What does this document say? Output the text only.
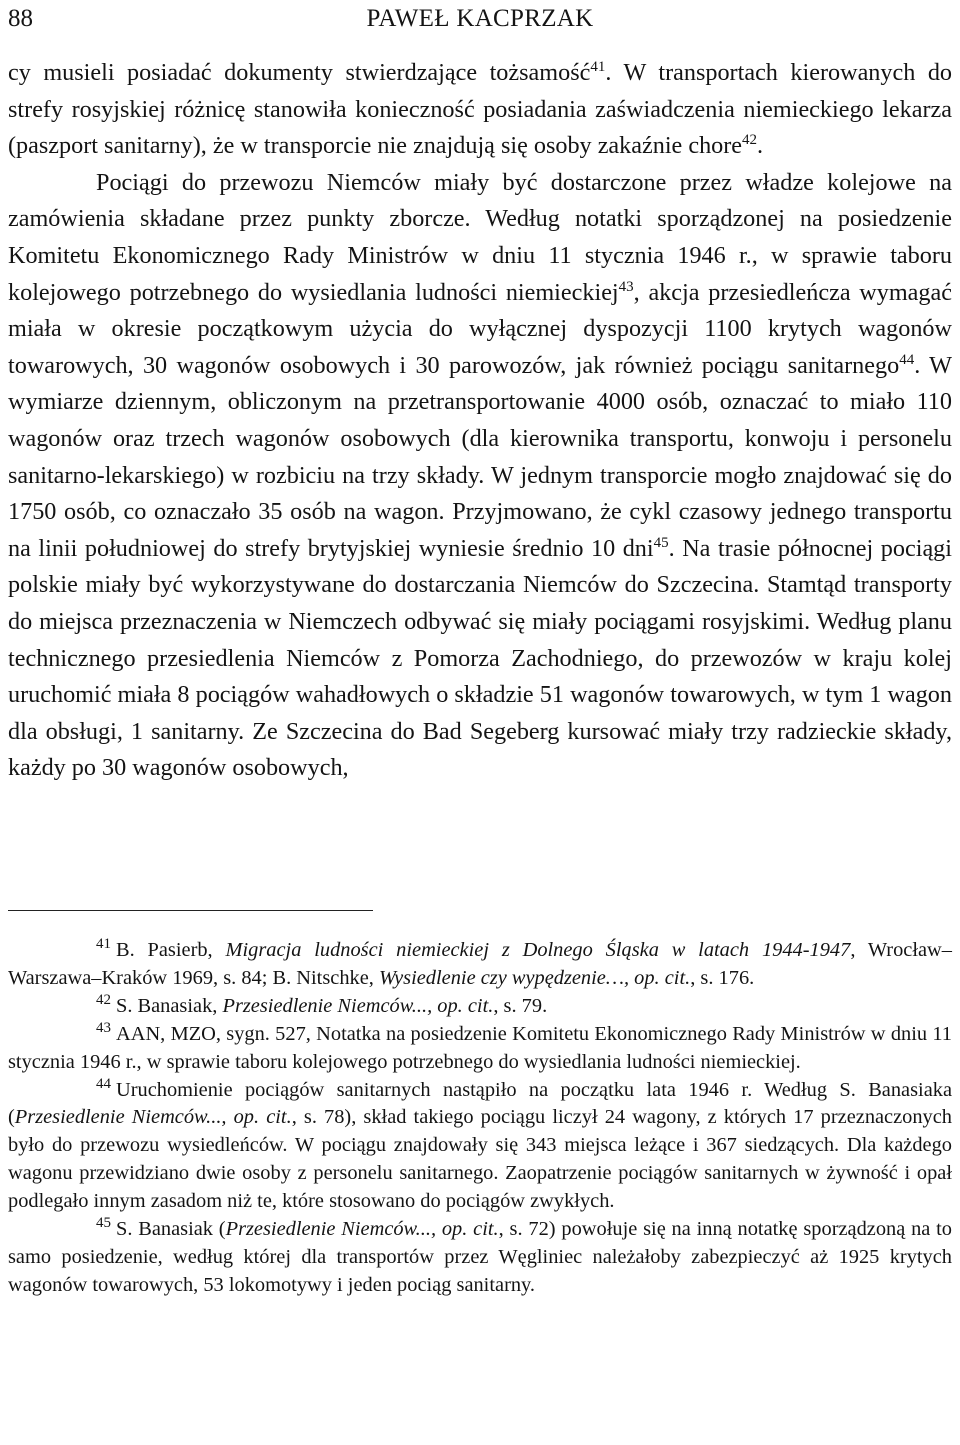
88	PAWEŁ KACPRZAK

cy musieli posiadać dokumenty stwierdzające tożsamość$^{41}$. W transportach kierowanych do strefy rosyjskiej różnicę stanowiła konieczność posiadania zaświadczenia niemieckiego lekarza (paszport sanitarny), że w transporcie nie znajdują się osoby zakaźnie chore$^{42}$.

Pociągi do przewozu Niemców miały być dostarczone przez władze kolejowe na zamówienia składane przez punkty zborcze. Według notatki sporządzonej na posiedzenie Komitetu Ekonomicznego Rady Ministrów w dniu 11 stycznia 1946 r., w sprawie taboru kolejowego potrzebnego do wysiedlania ludności niemieckiej$^{43}$, akcja przesiedleńcza wymagać miała w okresie początkowym użycia do wyłącznej dyspozycji 1100 krytych wagonów towarowych, 30 wagonów osobowych i 30 parowozów, jak również pociągu sanitarnego$^{44}$. W wymiarze dziennym, obliczonym na przetransportowanie 4000 osób, oznaczać to miało 110 wagonów oraz trzech wagonów osobowych (dla kierownika transportu, konwoju i personelu sanitarno-lekarskiego) w rozbiciu na trzy składy. W jednym transporcie mogło znajdować się do 1750 osób, co oznaczało 35 osób na wagon. Przyjmowano, że cykl czasowy jednego transportu na linii południowej do strefy brytyjskiej wyniesie średnio 10 dni$^{45}$. Na trasie północnej pociągi polskie miały być wykorzystywane do dostarczania Niemców do Szczecina. Stamtąd transporty do miejsca przeznaczenia w Niemczech odbywać się miały pociągami rosyjskimi. Według planu technicznego przesiedlenia Niemców z Pomorza Zachodniego, do przewozów w kraju kolej uruchomić miała 8 pociągów wahadłowych o składzie 51 wagonów towarowych, w tym 1 wagon dla obsługi, 1 sanitarny. Ze Szczecina do Bad Segeberg kursować miały trzy radzieckie składy, każdy po 30 wagonów osobowych,

$^{41}$ B. Pasierb, Migracja ludności niemieckiej z Dolnego Śląska w latach 1944-1947, Wrocław–Warszawa–Kraków 1969, s. 84; B. Nitschke, Wysiedlenie czy wypędzenie…, op. cit., s. 176.

$^{42}$ S. Banasiak, Przesiedlenie Niemców..., op. cit., s. 79.

$^{43}$ AAN, MZO, sygn. 527, Notatka na posiedzenie Komitetu Ekonomicznego Rady Ministrów w dniu 11 stycznia 1946 r., w sprawie taboru kolejowego potrzebnego do wysiedlania ludności niemieckiej.

$^{44}$ Uruchomienie pociągów sanitarnych nastąpiło na początku lata 1946 r. Według S. Banasiaka (Przesiedlenie Niemców..., op. cit., s. 78), skład takiego pociągu liczył 24 wagony, z których 17 przeznaczonych było do przewozu wysiedleńców. W pociągu znajdowały się 343 miejsca leżące i 367 siedzących. Dla każdego wagonu przewidziano dwie osoby z personelu sanitarnego. Zaopatrzenie pociągów sanitarnych w żywność i opał podlegało innym zasadom niż te, które stosowano do pociągów zwykłych.

$^{45}$ S. Banasiak (Przesiedlenie Niemców..., op. cit., s. 72) powołuje się na inną notatkę sporządzoną na to samo posiedzenie, według której dla transportów przez Węgliniec należałoby zabezpieczyć aż 1925 krytych wagonów towarowych, 53 lokomotywy i jeden pociąg sanitarny.
